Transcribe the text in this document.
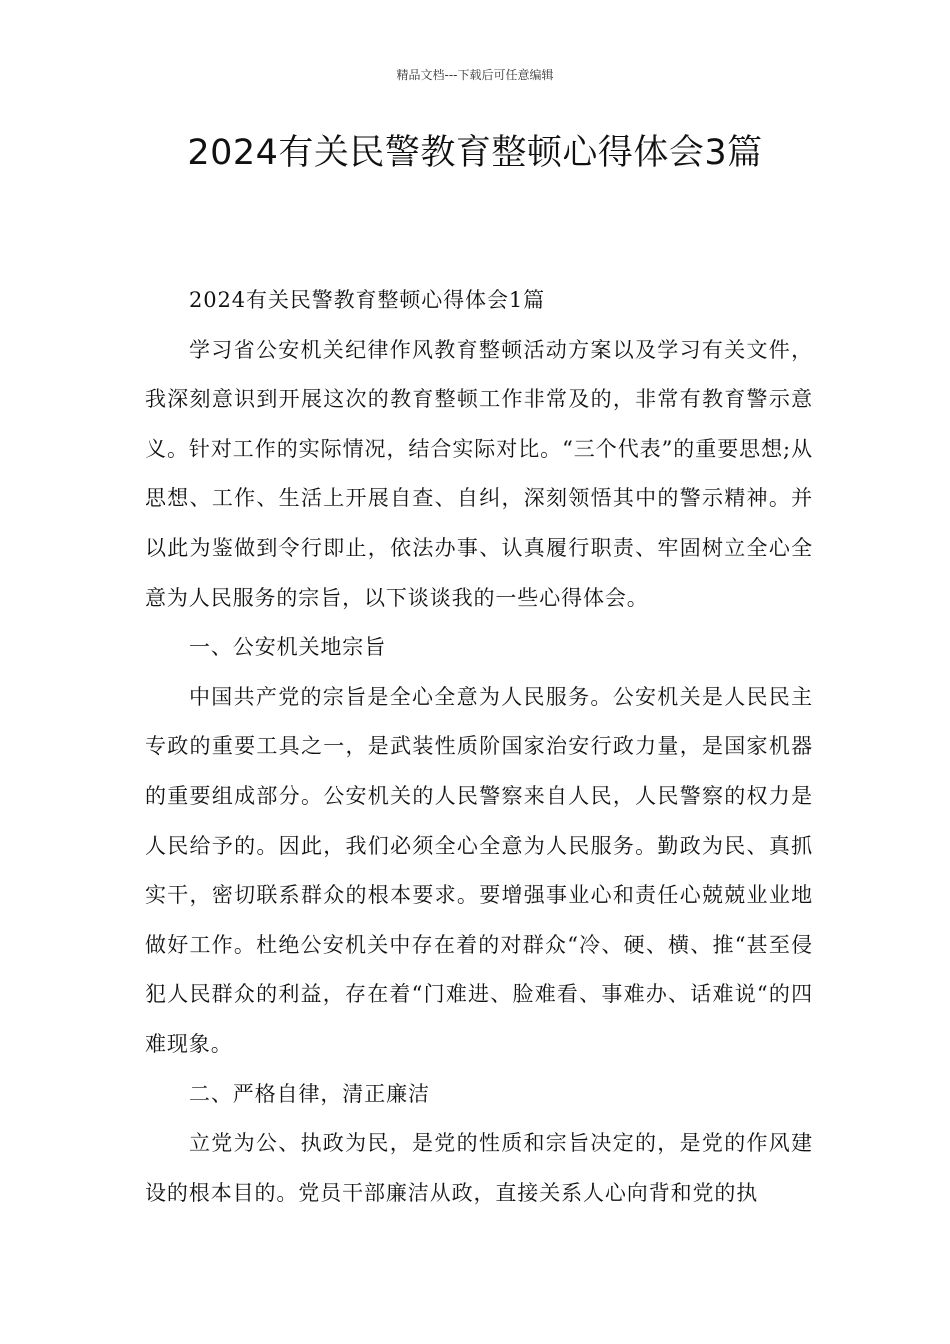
精品文档---下载后可任意编辑
2024有关民警教育整顿心得体会3篇

2024有关民警教育整顿心得体会1篇

学习省公安机关纪律作风教育整顿活动方案以及学习有关文件，我深刻意识到开展这次的教育整顿工作非常及的，非常有教育警示意义。针对工作的实际情况，结合实际对比。“三个代表”的重要思想;从思想、工作、生活上开展自查、自纠，深刻领悟其中的警示精神。并以此为鉴做到令行即止，依法办事、认真履行职责、牢固树立全心全意为人民服务的宗旨，以下谈谈我的一些心得体会。

一、公安机关地宗旨

中国共产党的宗旨是全心全意为人民服务。公安机关是人民民主专政的重要工具之一，是武装性质阶国家治安行政力量，是国家机器的重要组成部分。公安机关的人民警察来自人民，人民警察的权力是人民给予的。因此，我们必须全心全意为人民服务。勤政为民、真抓实干，密切联系群众的根本要求。要增强事业心和责任心兢兢业业地做好工作。杜绝公安机关中存在着的对群众“冷、硬、横、推“甚至侵犯人民群众的利益，存在着“门难进、脸难看、事难办、话难说“的四难现象。

二、严格自律，清正廉洁

立党为公、执政为民，是党的性质和宗旨决定的，是党的作风建设的根本目的。党员干部廉洁从政，直接关系人心向背和党的执
